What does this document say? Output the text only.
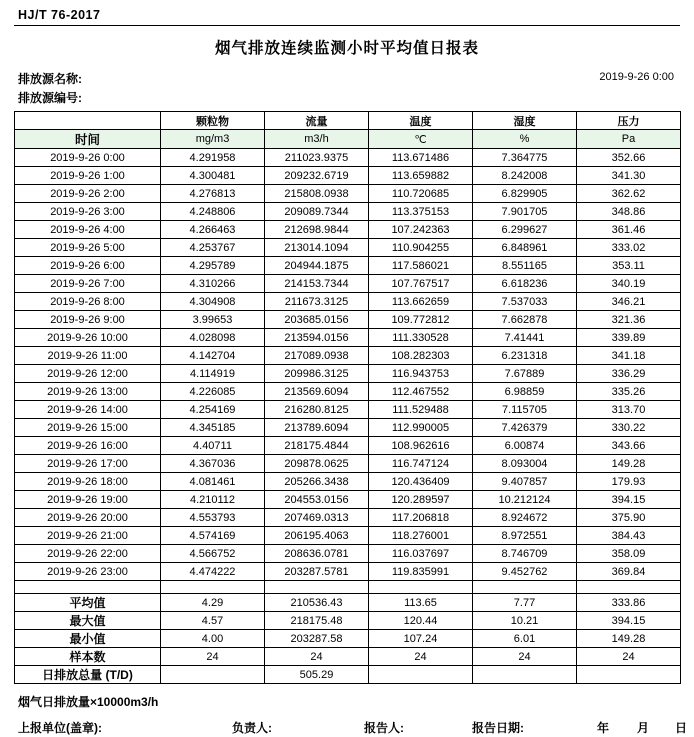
HJ/T 76-2017
烟气排放连续监测小时平均值日报表
排放源名称:
排放源编号:
2019-9-26 0:00
	颗粒物	流量	温度	湿度	压力
时间	mg/m3	m3/h	℃	%	Pa
2019-9-26 0:00	4.291958	211023.9375	113.671486	7.364775	352.66
2019-9-26 1:00	4.300481	209232.6719	113.659882	8.242008	341.30
2019-9-26 2:00	4.276813	215808.0938	110.720685	6.829905	362.62
2019-9-26 3:00	4.248806	209089.7344	113.375153	7.901705	348.86
2019-9-26 4:00	4.266463	212698.9844	107.242363	6.299627	361.46
2019-9-26 5:00	4.253767	213014.1094	110.904255	6.848961	333.02
2019-9-26 6:00	4.295789	204944.1875	117.586021	8.551165	353.11
2019-9-26 7:00	4.310266	214153.7344	107.767517	6.618236	340.19
2019-9-26 8:00	4.304908	211673.3125	113.662659	7.537033	346.21
2019-9-26 9:00	3.99653	203685.0156	109.772812	7.662878	321.36
2019-9-26 10:00	4.028098	213594.0156	111.330528	7.41441	339.89
2019-9-26 11:00	4.142704	217089.0938	108.282303	6.231318	341.18
2019-9-26 12:00	4.114919	209986.3125	116.943753	7.67889	336.29
2019-9-26 13:00	4.226085	213569.6094	112.467552	6.98859	335.26
2019-9-26 14:00	4.254169	216280.8125	111.529488	7.115705	313.70
2019-9-26 15:00	4.345185	213789.6094	112.990005	7.426379	330.22
2019-9-26 16:00	4.40711	218175.4844	108.962616	6.00874	343.66
2019-9-26 17:00	4.367036	209878.0625	116.747124	8.093004	149.28
2019-9-26 18:00	4.081461	205266.3438	120.436409	9.407857	179.93
2019-9-26 19:00	4.210112	204553.0156	120.289597	10.212124	394.15
2019-9-26 20:00	4.553793	207469.0313	117.206818	8.924672	375.90
2019-9-26 21:00	4.574169	206195.4063	118.276001	8.972551	384.43
2019-9-26 22:00	4.566752	208636.0781	116.037697	8.746709	358.09
2019-9-26 23:00	4.474222	203287.5781	119.835991	9.452762	369.84

平均值	4.29	210536.43	113.65	7.77	333.86
最大值	4.57	218175.48	120.44	10.21	394.15
最小值	4.00	203287.58	107.24	6.01	149.28
样本数	24	24	24	24	24
日排放总量 (T/D)		505.29			
烟气日排放量×10000m3/h
上报单位(盖章):	负责人:	报告人:	报告日期:	年 月 日
